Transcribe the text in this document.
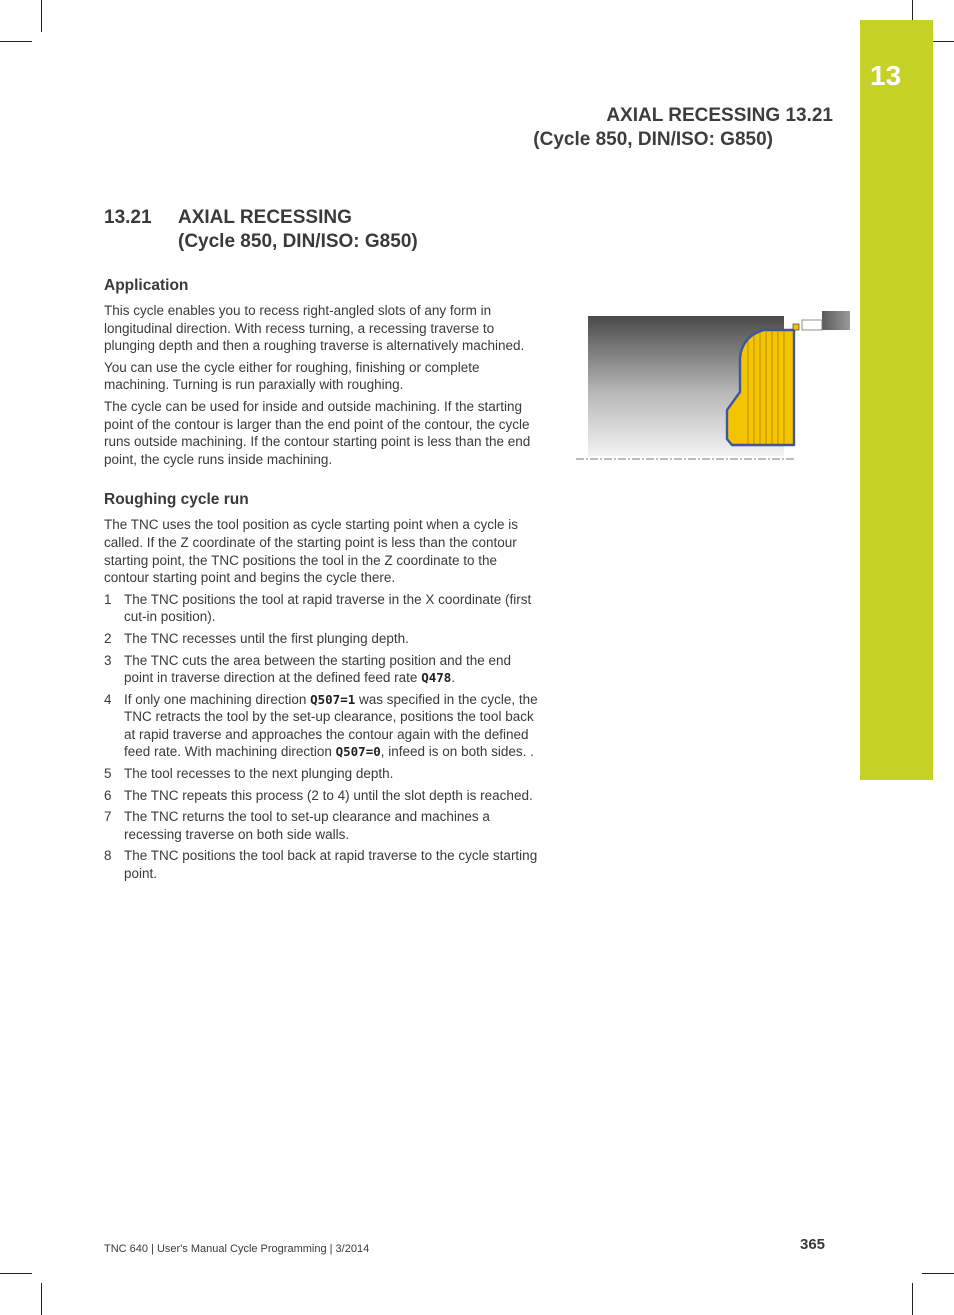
13
AXIAL RECESSING 13.21
(Cycle 850, DIN/ISO: G850)
13.21 AXIAL RECESSING
(Cycle 850, DIN/ISO: G850)
Application

This cycle enables you to recess right-angled slots of any form in longitudinal direction. With recess turning, a recessing traverse to plunging depth and then a roughing traverse is alternatively machined.

You can use the cycle either for roughing, finishing or complete machining. Turning is run paraxially with roughing.

The cycle can be used for inside and outside machining. If the starting point of the contour is larger than the end point of the contour, the cycle runs outside machining. If the contour starting point is less than the end point, the cycle runs inside machining.

Roughing cycle run

The TNC uses the tool position as cycle starting point when a cycle is called. If the Z coordinate of the starting point is less than the contour starting point, the TNC positions the tool in the Z coordinate to the contour starting point and begins the cycle there.

1 The TNC positions the tool at rapid traverse in the X coordinate (first cut-in position).
2 The TNC recesses until the first plunging depth.
3 The TNC cuts the area between the starting position and the end point in traverse direction at the defined feed rate Q478.
4 If only one machining direction Q507=1 was specified in the cycle, the TNC retracts the tool by the set-up clearance, positions the tool back at rapid traverse and approaches the contour again with the defined feed rate. With machining direction Q507=0, infeed is on both sides. .
5 The tool recesses to the next plunging depth.
6 The TNC repeats this process (2 to 4) until the slot depth is reached.
7 The TNC returns the tool to set-up clearance and machines a recessing traverse on both side walls.
8 The TNC positions the tool back at rapid traverse to the cycle starting point.
TNC 640 | User's Manual Cycle Programming | 3/2014	365
